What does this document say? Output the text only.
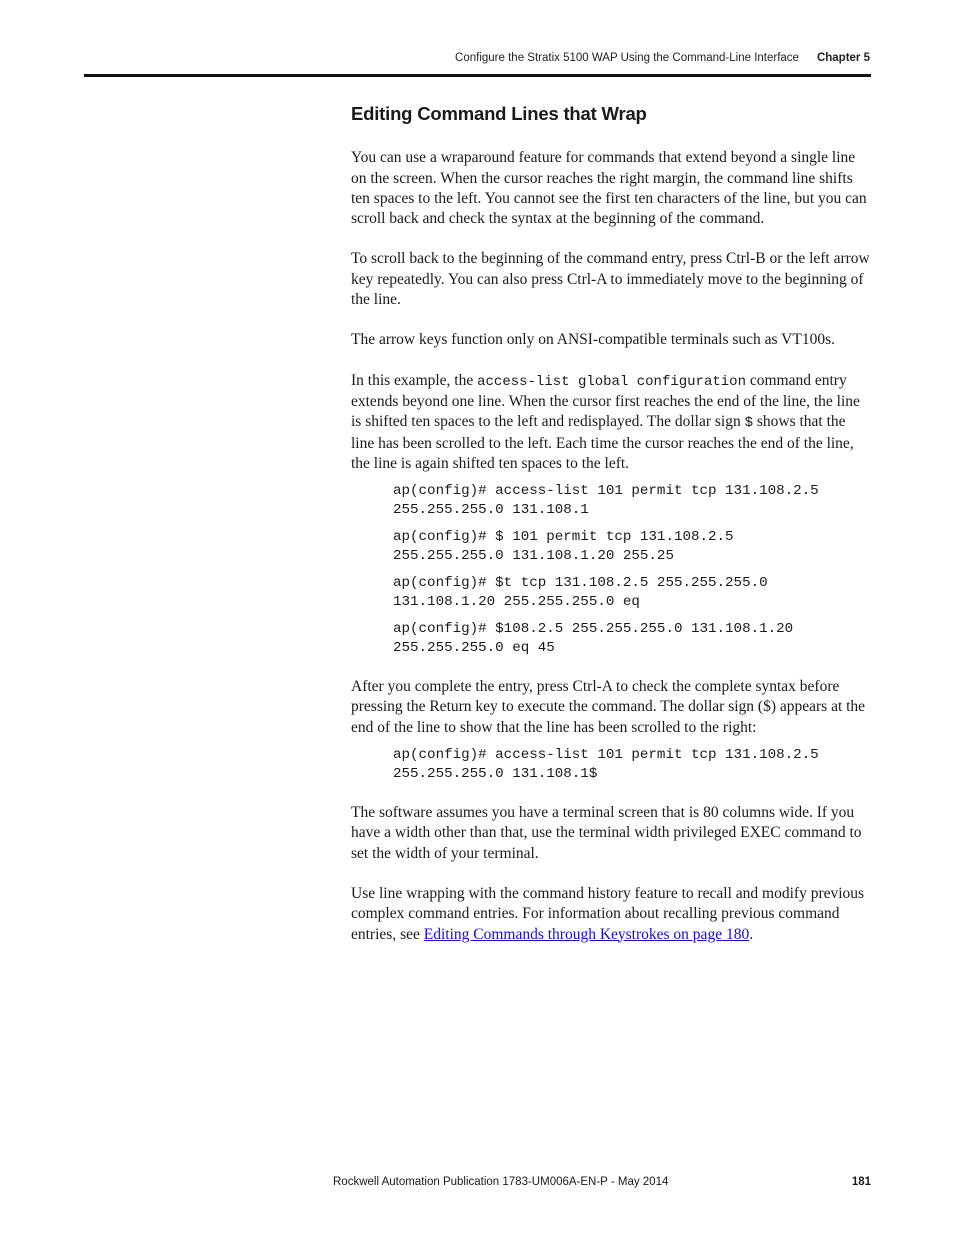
Configure the Stratix 5100 WAP Using the Command-Line Interface Chapter 5
Editing Command Lines that Wrap

You can use a wraparound feature for commands that extend beyond a single line on the screen. When the cursor reaches the right margin, the command line shifts ten spaces to the left. You cannot see the first ten characters of the line, but you can scroll back and check the syntax at the beginning of the command.

To scroll back to the beginning of the command entry, press Ctrl-B or the left arrow key repeatedly. You can also press Ctrl-A to immediately move to the beginning of the line.

The arrow keys function only on ANSI-compatible terminals such as VT100s.

In this example, the access-list global configuration command entry extends beyond one line. When the cursor first reaches the end of the line, the line is shifted ten spaces to the left and redisplayed. The dollar sign $ shows that the line has been scrolled to the left. Each time the cursor reaches the end of the line, the line is again shifted ten spaces to the left.

ap(config)# access-list 101 permit tcp 131.108.2.5
255.255.255.0 131.108.1
ap(config)# $ 101 permit tcp 131.108.2.5
255.255.255.0 131.108.1.20 255.25
ap(config)# $t tcp 131.108.2.5 255.255.255.0
131.108.1.20 255.255.255.0 eq
ap(config)# $108.2.5 255.255.255.0 131.108.1.20
255.255.255.0 eq 45

After you complete the entry, press Ctrl-A to check the complete syntax before pressing the Return key to execute the command. The dollar sign ($) appears at the end of the line to show that the line has been scrolled to the right:

ap(config)# access-list 101 permit tcp 131.108.2.5
255.255.255.0 131.108.1$

The software assumes you have a terminal screen that is 80 columns wide. If you have a width other than that, use the terminal width privileged EXEC command to set the width of your terminal.

Use line wrapping with the command history feature to recall and modify previous complex command entries. For information about recalling previous command entries, see Editing Commands through Keystrokes on page 180.

Rockwell Automation Publication 1783-UM006A-EN-P - May 2014	181
